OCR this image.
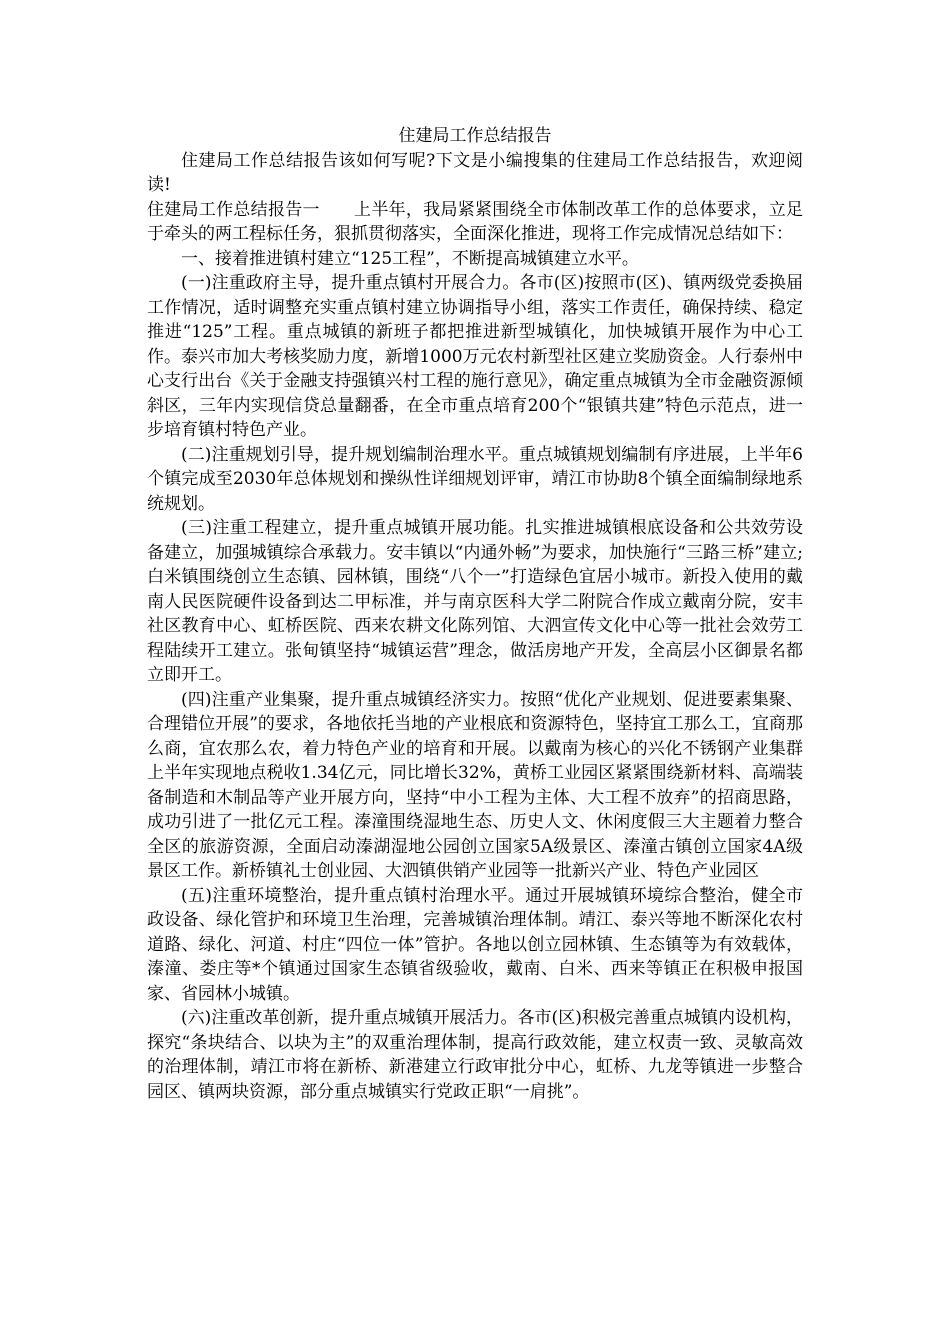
住建局工作总结报告

住建局工作总结报告该如何写呢?下文是小编搜集的住建局工作总结报告，欢迎阅读!

住建局工作总结报告一 上半年，我局紧紧围绕全市体制改革工作的总体要求，立足于牵头的两工程标任务，狠抓贯彻落实，全面深化推进，现将工作完成情况总结如下：

一、接着推进镇村建立“125工程”，不断提高城镇建立水平。

(一)注重政府主导，提升重点镇村开展合力。各市(区)按照市(区)、镇两级党委换届工作情况，适时调整充实重点镇村建立协调指导小组，落实工作责任，确保持续、稳定推进“125”工程。重点城镇的新班子都把推进新型城镇化，加快城镇开展作为中心工作。泰兴市加大考核奖励力度，新增1000万元农村新型社区建立奖励资金。人行泰州中心支行出台《关于金融支持强镇兴村工程的施行意见》，确定重点城镇为全市金融资源倾斜区，三年内实现信贷总量翻番，在全市重点培育200个“银镇共建”特色示范点，进一步培育镇村特色产业。

(二)注重规划引导，提升规划编制治理水平。重点城镇规划编制有序进展，上半年6个镇完成至2030年总体规划和操纵性详细规划评审，靖江市协助8个镇全面编制绿地系统规划。

(三)注重工程建立，提升重点城镇开展功能。扎实推进城镇根底设备和公共效劳设备建立，加强城镇综合承载力。安丰镇以“内通外畅”为要求，加快施行“三路三桥”建立;白米镇围绕创立生态镇、园林镇，围绕“八个一”打造绿色宜居小城市。新投入使用的戴南人民医院硬件设备到达二甲标准，并与南京医科大学二附院合作成立戴南分院，安丰社区教育中心、虹桥医院、西来农耕文化陈列馆、大泗宣传文化中心等一批社会效劳工程陆续开工建立。张甸镇坚持“城镇运营”理念，做活房地产开发，全高层小区御景名都立即开工。

(四)注重产业集聚，提升重点城镇经济实力。按照“优化产业规划、促进要素集聚、合理错位开展”的要求，各地依托当地的产业根底和资源特色，坚持宜工那么工，宜商那么商，宜农那么农，着力特色产业的培育和开展。以戴南为核心的兴化不锈钢产业集群上半年实现地点税收1.34亿元，同比增长32%，黄桥工业园区紧紧围绕新材料、高端装备制造和木制品等产业开展方向，坚持“中小工程为主体、大工程不放弃”的招商思路，成功引进了一批亿元工程。溱潼围绕湿地生态、历史人文、休闲度假三大主题着力整合全区的旅游资源，全面启动溱湖湿地公园创立国家5A级景区、溱潼古镇创立国家4A级景区工作。新桥镇礼士创业园、大泗镇供销产业园等一批新兴产业、特色产业园区

(五)注重环境整治，提升重点镇村治理水平。通过开展城镇环境综合整治，健全市政设备、绿化管护和环境卫生治理，完善城镇治理体制。靖江、泰兴等地不断深化农村道路、绿化、河道、村庄“四位一体”管护。各地以创立园林镇、生态镇等为有效载体，溱潼、娄庄等*个镇通过国家生态镇省级验收，戴南、白米、西来等镇正在积极申报国家、省园林小城镇。

(六)注重改革创新，提升重点城镇开展活力。各市(区)积极完善重点城镇内设机构，探究“条块结合、以块为主”的双重治理体制，提高行政效能，建立权责一致、灵敏高效的治理体制，靖江市将在新桥、新港建立行政审批分中心，虹桥、九龙等镇进一步整合园区、镇两块资源，部分重点城镇实行党政正职“一肩挑”。
